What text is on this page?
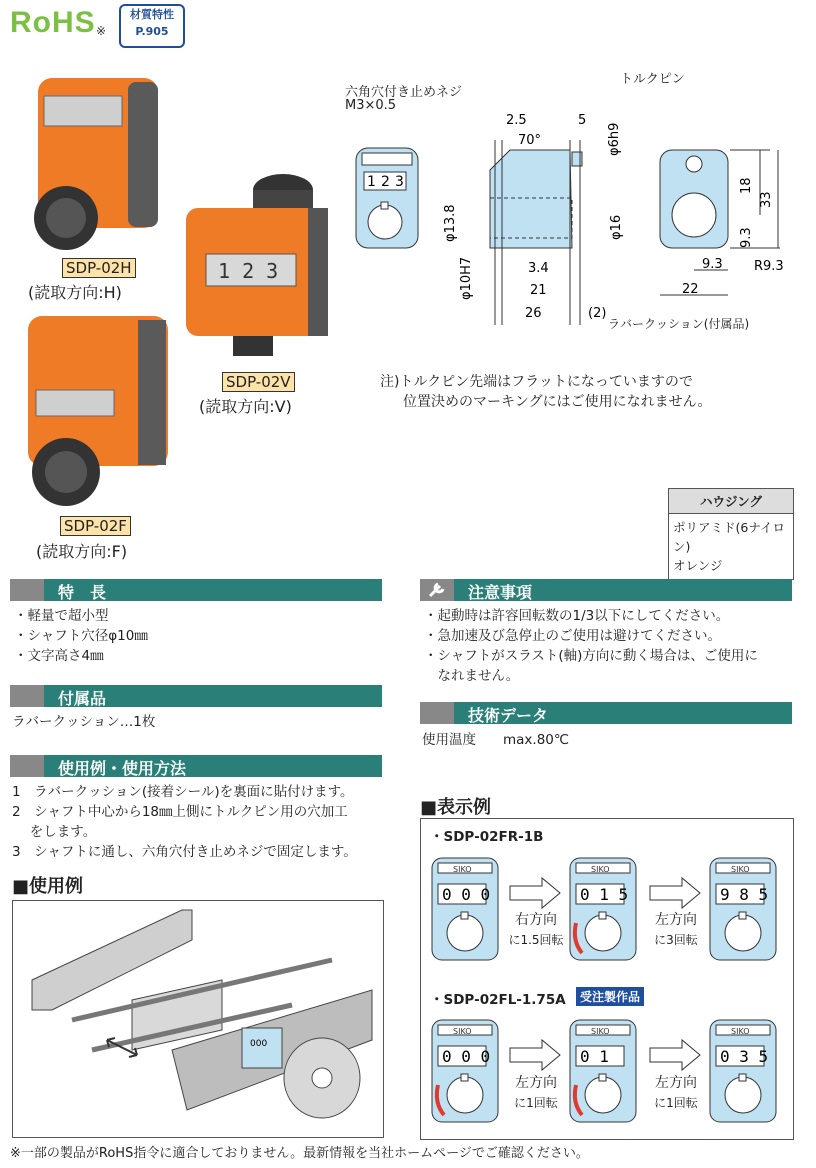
RoHS ※
材質特性
P.905
SDP-02H
(読取方向:H)
1 2 3
SDP-02V
(読取方向:V)
SDP-02F
(読取方向:F)
六角穴付き止めネジ
M3×0.5
トルクピン
ラバークッション(付属品)
1 2 3
2.5	5
70°	φ6h9
φ13.8
φ10H7
φ16
3.4
21
26	(2)
18
33
9.3
9.3 R9.3
22
注)トルクピン先端はフラットになっていますので
位置決めのマーキングにはご使用になれません。
ハウジング
ポリアミド(6ナイロン)
オレンジ
特　長
・軽量で超小型
・シャフト穴径φ10㎜
・文字高さ4㎜
付属品
ラバークッション…1枚
使用例・使用方法
1　ラバークッション(接着シール)を裏面に貼付けます。
2　シャフト中心から18㎜上側にトルクピン用の穴加工
　 をします。
3　シャフトに通し、六角穴付き止めネジで固定します。
■使用例
000
注意事項
・起動時は許容回転数の1/3以下にしてください。
・急加速及び急停止のご使用は避けてください。
・シャフトがスラスト(軸)方向に動く場合は、ご使用に
　なれません。
技術データ
使用温度 max.80℃
■表示例
・SDP-02FR-1B
・SDP-02FL-1.75A	受注製作品
SIKO
0 0 0
SIKO
0 1 5
SIKO
9 8 5
SIKO
0 0 0
SIKO
0 1
SIKO
0 3 5
右方向
に1.5回転
左方向
に3回転
左方向
に1回転
左方向
に1回転
※一部の製品がRoHS指令に適合しておりません。最新情報を当社ホームページでご確認ください。
